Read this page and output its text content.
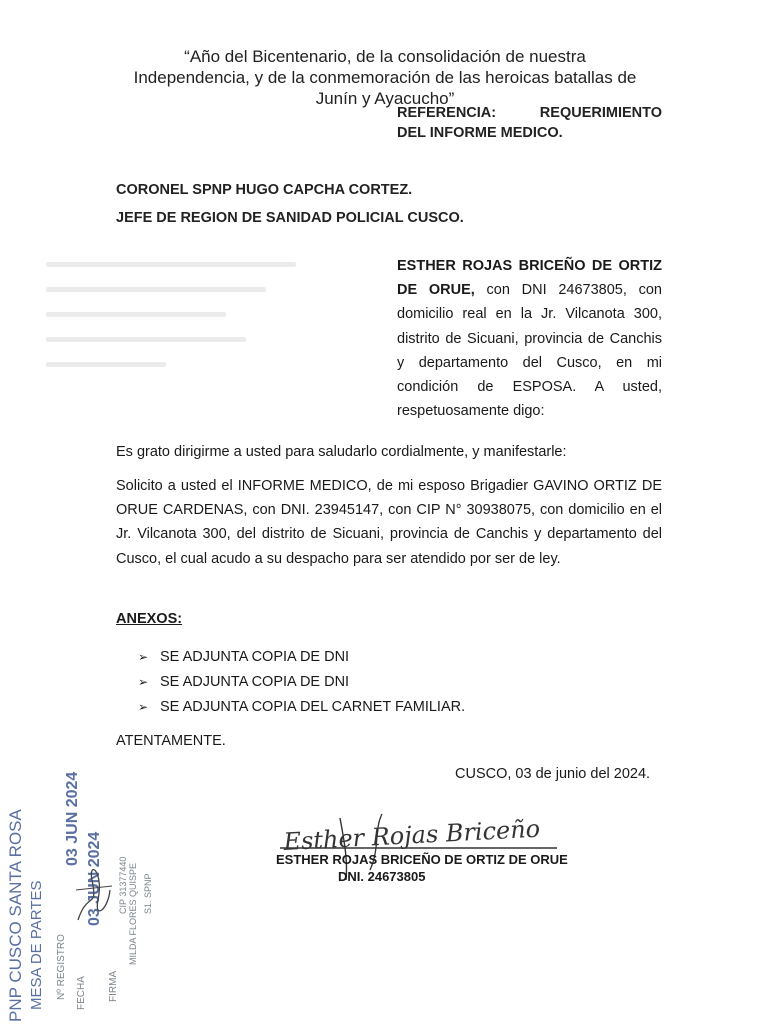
“Año del Bicentenario, de la consolidación de nuestra
Independencia, y de la conmemoración de las heroicas batallas de
Junín y Ayacucho”
REFERENCIA:	REQUERIMIENTO
DEL INFORME MEDICO.
CORONEL SPNP HUGO CAPCHA CORTEZ.
JEFE DE REGION DE SANIDAD POLICIAL CUSCO.
ESTHER ROJAS BRICEÑO DE ORTIZ DE ORUE, con DNI 24673805, con domicilio real en la Jr. Vilcanota 300, distrito de Sicuani, provincia de Canchis y departamento del Cusco, en mi condición de ESPOSA. A usted, respetuosamente digo:
Es grato dirigirme a usted para saludarlo cordialmente, y manifestarle:
Solicito a usted el INFORME MEDICO, de mi esposo Brigadier GAVINO ORTIZ DE ORUE CARDENAS, con DNI. 23945147, con CIP N° 30938075, con domicilio en el Jr. Vilcanota 300, del distrito de Sicuani, provincia de Canchis y departamento del Cusco, el cual acudo a su despacho para ser atendido por ser de ley.
ANEXOS:
➢ SE ADJUNTA COPIA DE DNI
➢ SE ADJUNTA COPIA DE DNI
➢ SE ADJUNTA COPIA DEL CARNET FAMILIAR.
ATENTAMENTE.
CUSCO, 03 de junio del 2024.
Esther Rojas Briceño
ESTHER ROJAS BRICEÑO DE ORTIZ DE ORUE
DNI. 24673805
PNP CUSCO SANTA ROSA MESA DE PARTES Nº REGISTRO FECHA
03 JUN 2024
03 JUN 2024
FIRMA
MILDA FLORES QUISPE S1. SPNP
CIP 31377440
